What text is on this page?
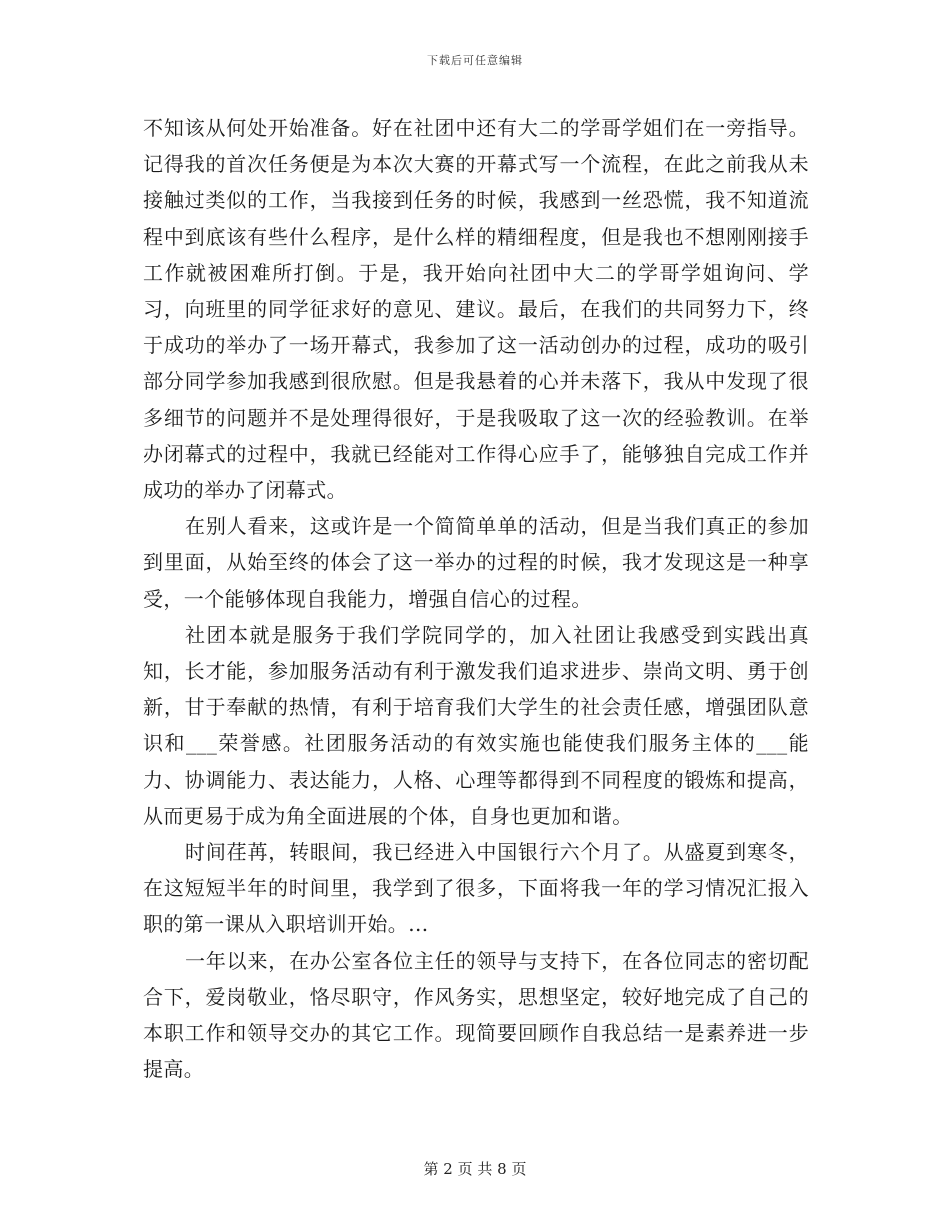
下载后可任意编辑

不知该从何处开始准备。好在社团中还有大二的学哥学姐们在一旁指导。记得我的首次任务便是为本次大赛的开幕式写一个流程，在此之前我从未接触过类似的工作，当我接到任务的时候，我感到一丝恐慌，我不知道流程中到底该有些什么程序，是什么样的精细程度，但是我也不想刚刚接手工作就被困难所打倒。于是，我开始向社团中大二的学哥学姐询问、学习，向班里的同学征求好的意见、建议。最后，在我们的共同努力下，终于成功的举办了一场开幕式，我参加了这一活动创办的过程，成功的吸引部分同学参加我感到很欣慰。但是我悬着的心并未落下，我从中发现了很多细节的问题并不是处理得很好，于是我吸取了这一次的经验教训。在举办闭幕式的过程中，我就已经能对工作得心应手了，能够独自完成工作并成功的举办了闭幕式。

在别人看来，这或许是一个简简单单的活动，但是当我们真正的参加到里面，从始至终的体会了这一举办的过程的时候，我才发现这是一种享受，一个能够体现自我能力，增强自信心的过程。

社团本就是服务于我们学院同学的，加入社团让我感受到实践出真知，长才能，参加服务活动有利于激发我们追求进步、崇尚文明、勇于创新，甘于奉献的热情，有利于培育我们大学生的社会责任感，增强团队意识和___荣誉感。社团服务活动的有效实施也能使我们服务主体的___能力、协调能力、表达能力，人格、心理等都得到不同程度的锻炼和提高，从而更易于成为角全面进展的个体，自身也更加和谐。

时间荏苒，转眼间，我已经进入中国银行六个月了。从盛夏到寒冬，在这短短半年的时间里，我学到了很多，下面将我一年的学习情况汇报入职的第一课从入职培训开始。...

一年以来，在办公室各位主任的领导与支持下，在各位同志的密切配合下，爱岗敬业，恪尽职守，作风务实，思想坚定，较好地完成了自己的本职工作和领导交办的其它工作。现简要回顾作自我总结一是素养进一步提高。

第 2 页 共 8 页
